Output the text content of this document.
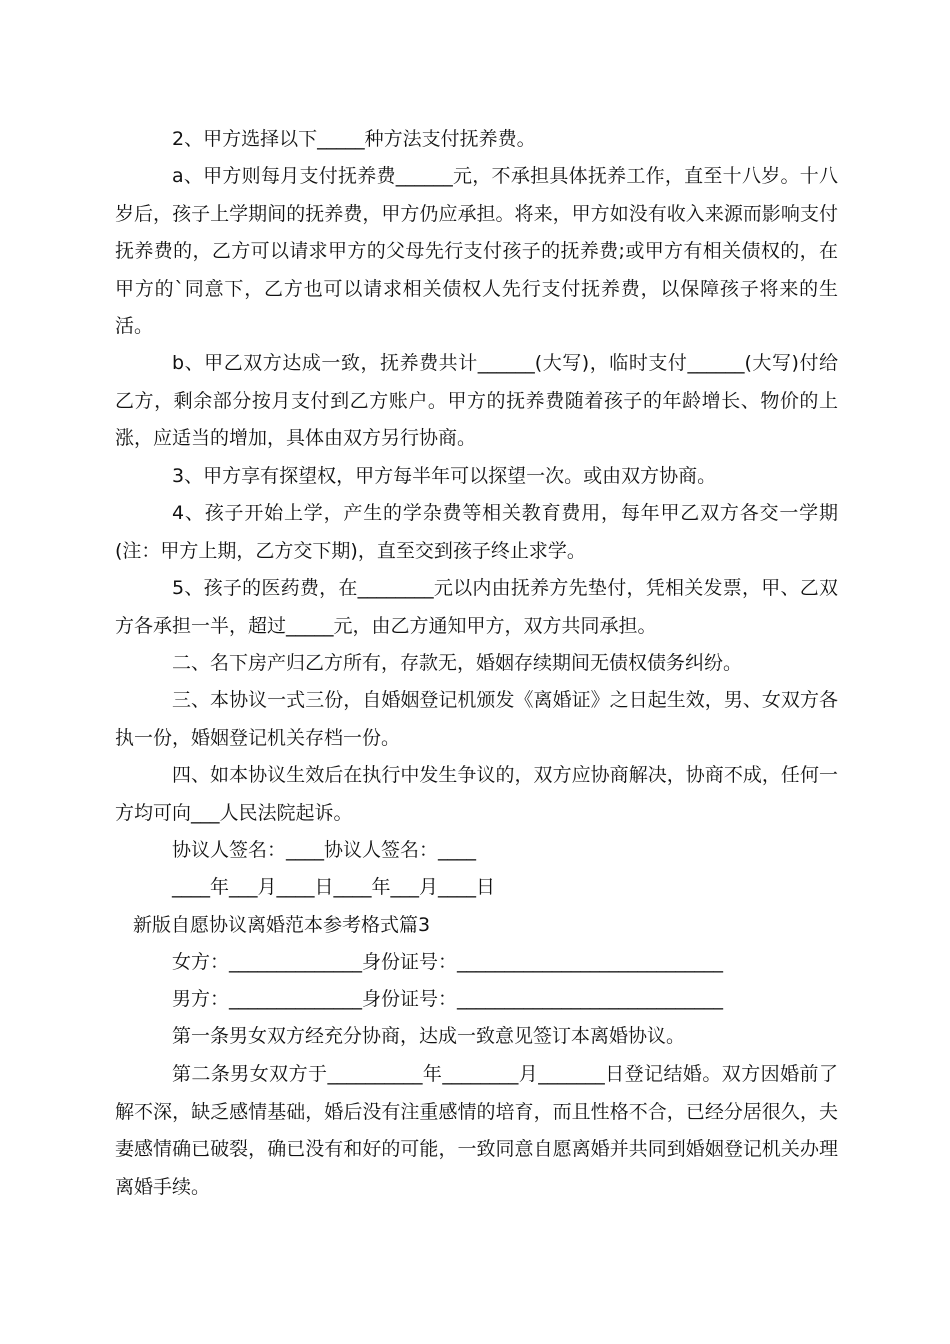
2、甲方选择以下_____种方法支付抚养费。

a、甲方则每月支付抚养费______元，不承担具体抚养工作，直至十八岁。十八岁后，孩子上学期间的抚养费，甲方仍应承担。将来，甲方如没有收入来源而影响支付抚养费的，乙方可以请求甲方的父母先行支付孩子的抚养费;或甲方有相关债权的，在甲方的`同意下，乙方也可以请求相关债权人先行支付抚养费，以保障孩子将来的生活。

b、甲乙双方达成一致，抚养费共计______(大写)，临时支付______(大写)付给乙方，剩余部分按月支付到乙方账户。甲方的抚养费随着孩子的年龄增长、物价的上涨，应适当的增加，具体由双方另行协商。

3、甲方享有探望权，甲方每半年可以探望一次。或由双方协商。

4、孩子开始上学，产生的学杂费等相关教育费用，每年甲乙双方各交一学期(注：甲方上期，乙方交下期)，直至交到孩子终止求学。

5、孩子的医药费，在________元以内由抚养方先垫付，凭相关发票，甲、乙双方各承担一半，超过_____元，由乙方通知甲方，双方共同承担。

二、名下房产归乙方所有，存款无，婚姻存续期间无债权债务纠纷。

三、本协议一式三份，自婚姻登记机颁发《离婚证》之日起生效，男、女双方各执一份，婚姻登记机关存档一份。

四、如本协议生效后在执行中发生争议的，双方应协商解决，协商不成，任何一方均可向___人民法院起诉。

协议人签名：____协议人签名：____

____年___月____日____年___月____日

新版自愿协议离婚范本参考格式篇3

女方：______________身份证号：____________________________

男方：______________身份证号：____________________________

第一条男女双方经充分协商，达成一致意见签订本离婚协议。

第二条男女双方于__________年________月_______日登记结婚。双方因婚前了解不深，缺乏感情基础，婚后没有注重感情的培育，而且性格不合，已经分居很久，夫妻感情确已破裂，确已没有和好的可能，一致同意自愿离婚并共同到婚姻登记机关办理离婚手续。
